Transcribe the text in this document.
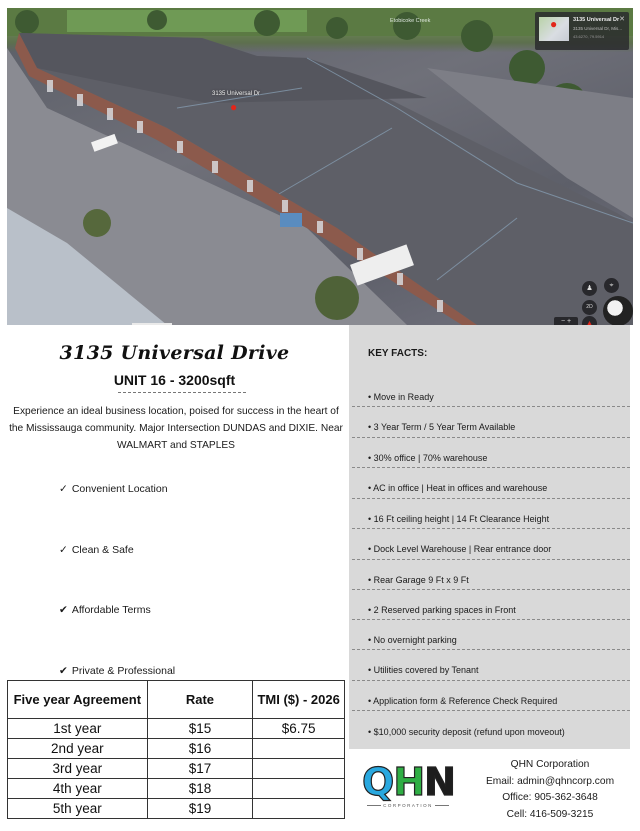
Etobicoke Creek
3135 Universal Dr
●
●	3135 Universal Dr
3135 Universal Dr, Mis...
43.6270, 79.5914
✕
♟	⌖
2D
▲
− +
3135 Universal Drive
UNIT 16 - 3200sqft
Experience an ideal business location, poised for success in the heart of the Mississauga community. Major Intersection DUNDAS and DIXIE. Near WALMART and STAPLES
✓ Convenient Location
✓ Clean & Safe
✔ Affordable Terms
✔ Private & Professional
Five year Agreement	Rate	TMI ($) - 2026
1st year	$15	$6.75
2nd year	$16	
3rd year	$17	
4th year	$18	
5th year	$19	
KEY FACTS:
• Move in Ready
• 3 Year Term / 5 Year Term Available
• 30% office | 70% warehouse
• AC in office | Heat in offices and warehouse
• 16 Ft ceiling height | 14 Ft Clearance Height
• Dock Level Warehouse | Rear entrance door
• Rear Garage 9 Ft x 9 Ft
• 2 Reserved parking spaces in Front
• No overnight parking
• Utilities covered by Tenant
• Application form & Reference Check Required
• $10,000 security deposit (refund upon moveout)
QHN
CORPORATION
QHN Corporation
Email: admin@qhncorp.com
Office: 905-362-3648
Cell: 416-509-3215
